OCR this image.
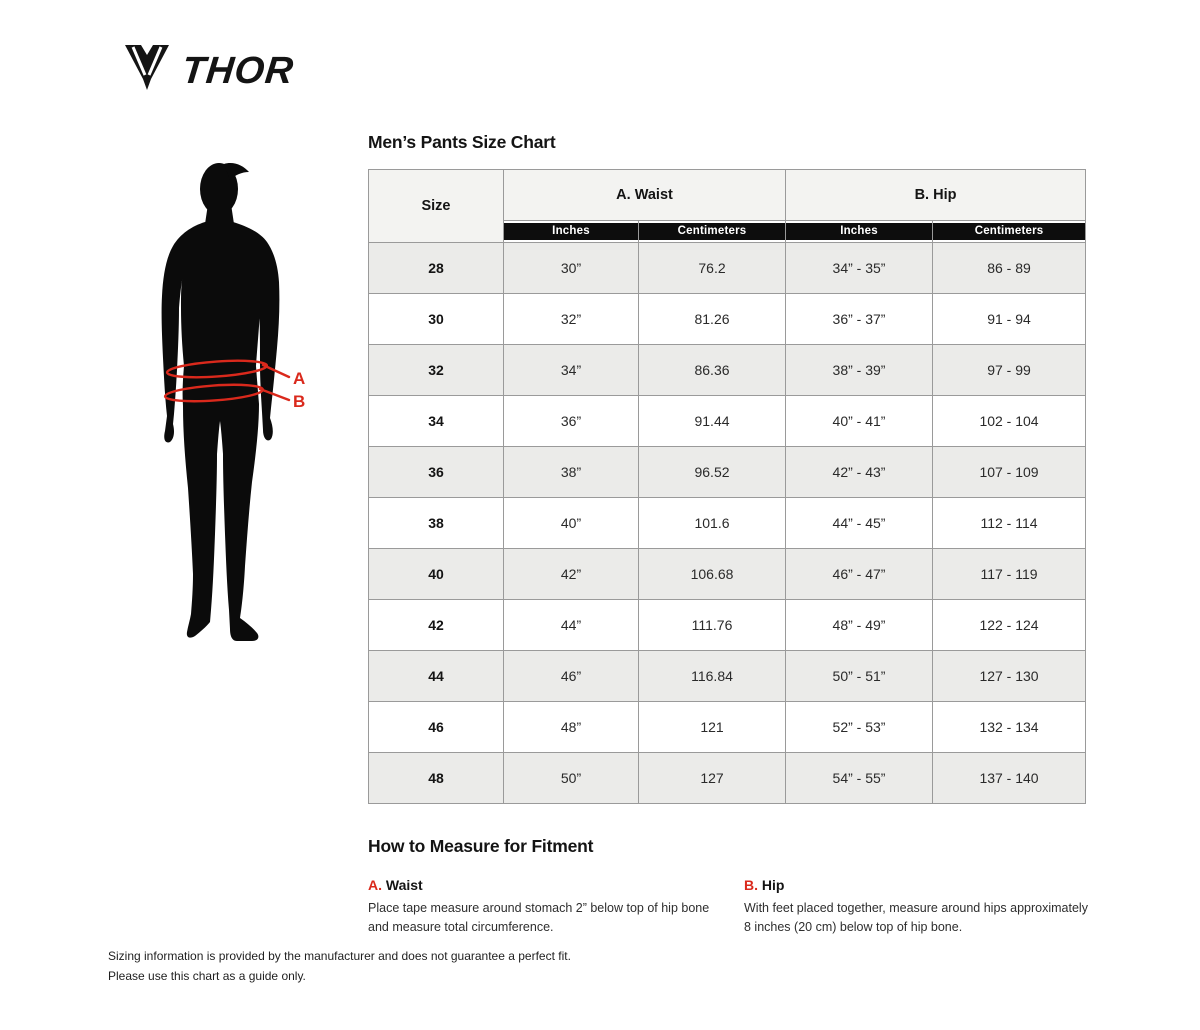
THOR
A
B
Men’s Pants Size Chart
Size	A. Waist		B. Hip	

	Inches	Centimeters	Inches	Centimeters

28	30”	76.2	34” - 35”	86 - 89
30	32”	81.26	36” - 37”	91 - 94
32	34”	86.36	38” - 39”	97 - 99
34	36”	91.44	40” - 41”	102 - 104
36	38”	96.52	42” - 43”	107 - 109
38	40”	101.6	44” - 45”	112 - 114
40	42”	106.68	46” - 47”	117 - 119
42	44”	111.76	48” - 49”	122 - 124
44	46”	116.84	50” - 51”	127 - 130
46	48”	121	52” - 53”	132 - 134
48	50”	127	54” - 55”	137 - 140
How to Measure for Fitment
A. Waist
Place tape measure around stomach 2” below top of hip bone and measure total circumference.
B. Hip
With feet placed together, measure around hips approximately 8 inches (20 cm) below top of hip bone.
Sizing information is provided by the manufacturer and does not guarantee a perfect fit.
Please use this chart as a guide only.
